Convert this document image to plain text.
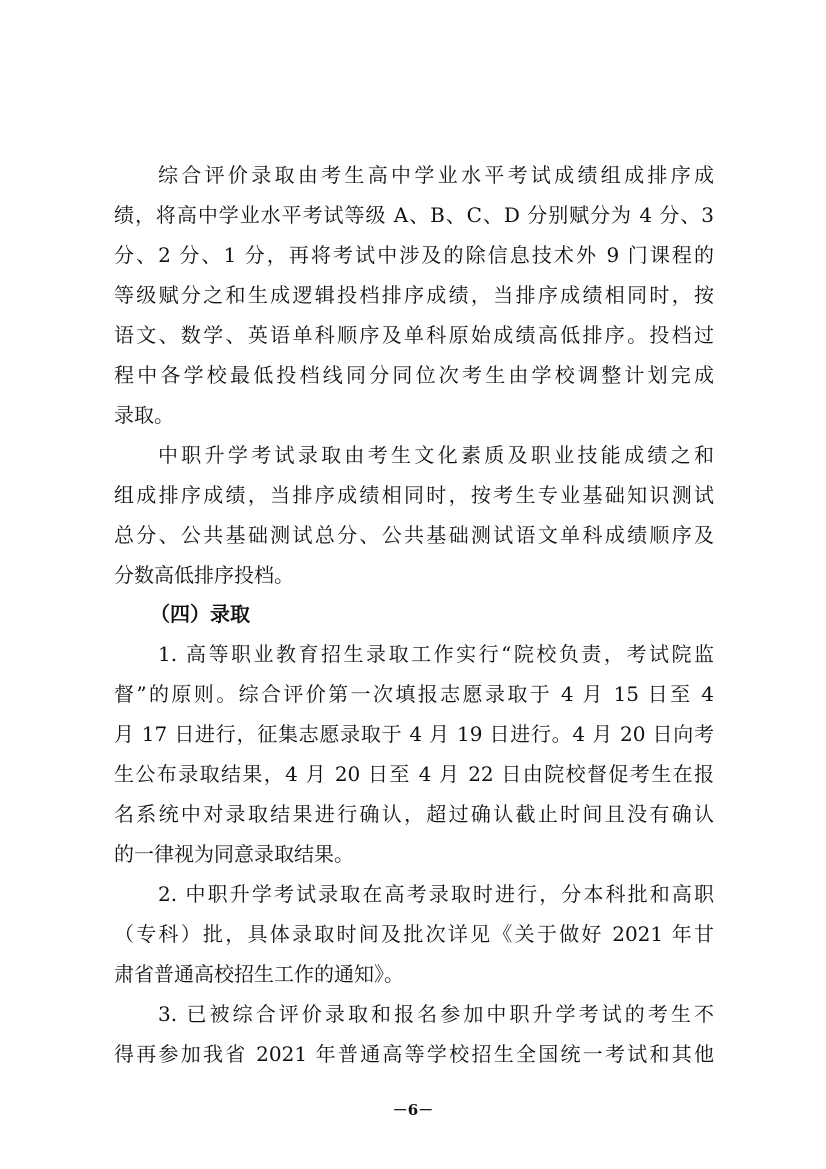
综合评价录取由考生高中学业水平考试成绩组成排序成
绩，将高中学业水平考试等级 A、B、C、D 分别赋分为 4 分、3
分、2 分、1 分，再将考试中涉及的除信息技术外 9 门课程的
等级赋分之和生成逻辑投档排序成绩，当排序成绩相同时，按
语文、数学、英语单科顺序及单科原始成绩高低排序。投档过
程中各学校最低投档线同分同位次考生由学校调整计划完成
录取。
中职升学考试录取由考生文化素质及职业技能成绩之和
组成排序成绩，当排序成绩相同时，按考生专业基础知识测试
总分、公共基础测试总分、公共基础测试语文单科成绩顺序及
分数高低排序投档。
（四）录取
1. 高等职业教育招生录取工作实行“院校负责，考试院监
督”的原则。综合评价第一次填报志愿录取于 4 月 15 日至 4
月 17 日进行，征集志愿录取于 4 月 19 日进行。4 月 20 日向考
生公布录取结果，4 月 20 日至 4 月 22 日由院校督促考生在报
名系统中对录取结果进行确认，超过确认截止时间且没有确认
的一律视为同意录取结果。
2. 中职升学考试录取在高考录取时进行，分本科批和高职
（专科）批，具体录取时间及批次详见《关于做好 2021 年甘
肃省普通高校招生工作的通知》。
3. 已被综合评价录取和报名参加中职升学考试的考生不
得再参加我省 2021 年普通高等学校招生全国统一考试和其他
－6－
